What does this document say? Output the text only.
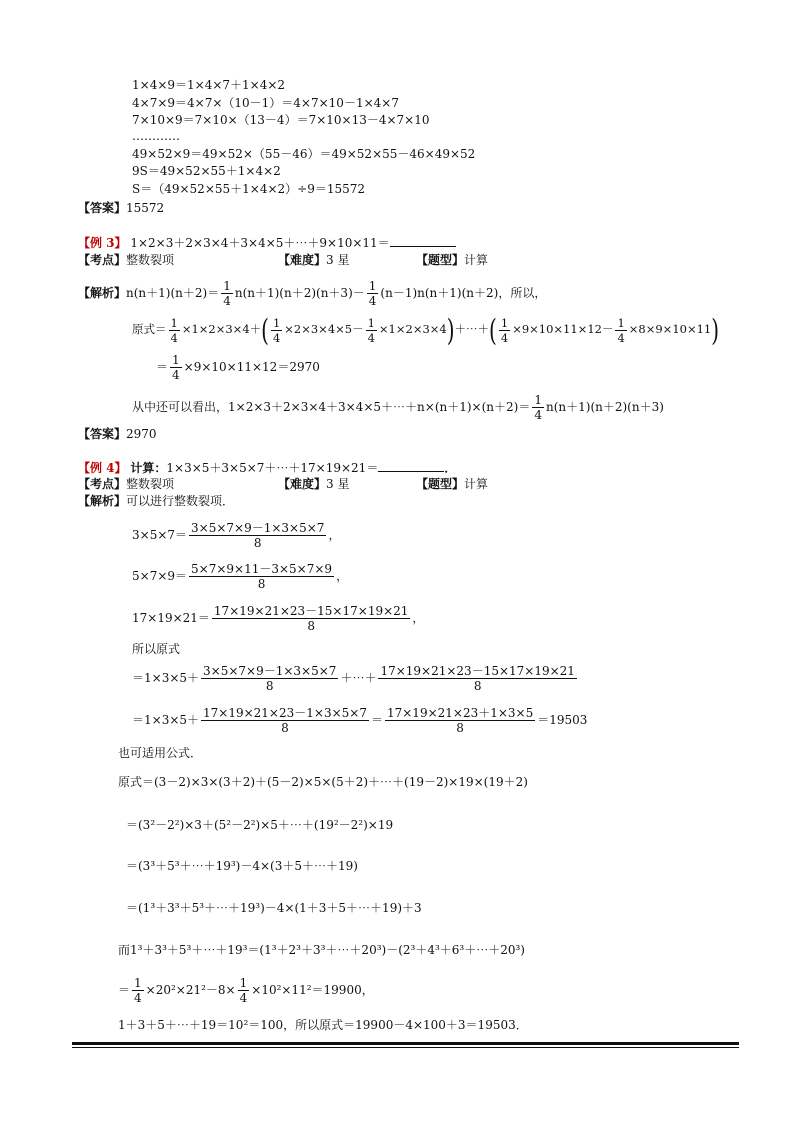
1×4×9＝1×4×7＋1×4×2
4×7×9＝4×7×（10－1）＝4×7×10－1×4×7
7×10×9＝7×10×（13－4）＝7×10×13－4×7×10
…………
49×52×9＝49×52×（55－46）＝49×52×55－46×49×52
9S＝49×52×55＋1×4×2
S＝（49×52×55＋1×4×2）÷9＝15572
【答案】15572
【例 3】 1×2×3＋2×3×4＋3×4×5＋⋯＋9×10×11＝
【考点】整数裂项	【难度】3 星	【题型】计算
【解析】$n(n+1)(n+2)= \frac{1}{4} n(n+1)(n+2)(n+3)- \frac{1}{4} (n-1)n(n+1)(n+2)$，所以，
原式＝ $\frac{1}{4} \times 1\times 2\times 3\times 4+( \frac{1}{4} \times 2\times 3\times 4\times 5- \frac{1}{4}$ ×1×2×3×4)＋⋯＋( $\frac{1}{4} \times 9\times 10\times 11\times 12- \frac{1}{4} \times 8\times 9\times 10\times 11$)
＝ $\frac{1}{4} \times 9\times 10\times 11\times 12=2970$
从中还可以看出，1×2×3＋2×3×4＋3×4×5＋⋯＋n×(n＋1)×(n＋2)＝ $\frac{1}{4} n(n+1)(n+2)(n+3)$
【答案】2970
【例 4】 计算：1×3×5＋3×5×7＋⋯＋17×19×21＝	．
【考点】整数裂项	【难度】3 星	【题型】计算
【解析】可以进行整数裂项．
$3\times 5\times 7= \frac{3\times 5\times 7\times 9-1\times 3\times 5\times 7}{8}$ ，
$5\times 7\times 9= \frac{5\times 7\times 9\times 11-3\times 5\times 7\times 9}{8}$ ，
$17\times 19\times 21= \frac{17\times 19\times 21\times 23-15\times 17\times 19\times 21}{8}$ ，
所以原式
$=1\times 3\times 5+ \frac{3\times 5\times 7\times 9-1\times 3\times 5\times 7}{8}$ ＋⋯＋ $\frac{17\times 19\times 21\times 23-15\times 17\times 19\times 21}{8}$
$=1\times 3\times 5+ \frac{17\times 19\times 21\times 23-1\times 3\times 5\times 7}{8} = \frac{17\times 19\times 21\times 23+1\times 3\times 5}{8} =19503$
也可适用公式．
原式＝(3－2)×3×(3＋2)＋(5－2)×5×(5＋2)＋⋯＋(19－2)×19×(19＋2)
＝(3²－2²)×3＋(5²－2²)×5＋⋯＋(19²－2²)×19
＝(3³＋5³＋⋯＋19³)－4×(3＋5＋⋯＋19)
＝(1³＋3³＋5³＋⋯＋19³)－4×(1＋3＋5＋⋯＋19)＋3
而1³＋3³＋5³＋⋯＋19³＝(1³＋2³＋3³＋⋯＋20³)－(2³＋4³＋6³＋⋯＋20³)
＝ $\frac{1}{4} \times 20^2\times 21^2-8\times \frac{1}{4} \times 10^2\times 11^2=19900$，
1＋3＋5＋⋯＋19＝10²＝100，所以原式＝19900－4×100＋3＝19503．
